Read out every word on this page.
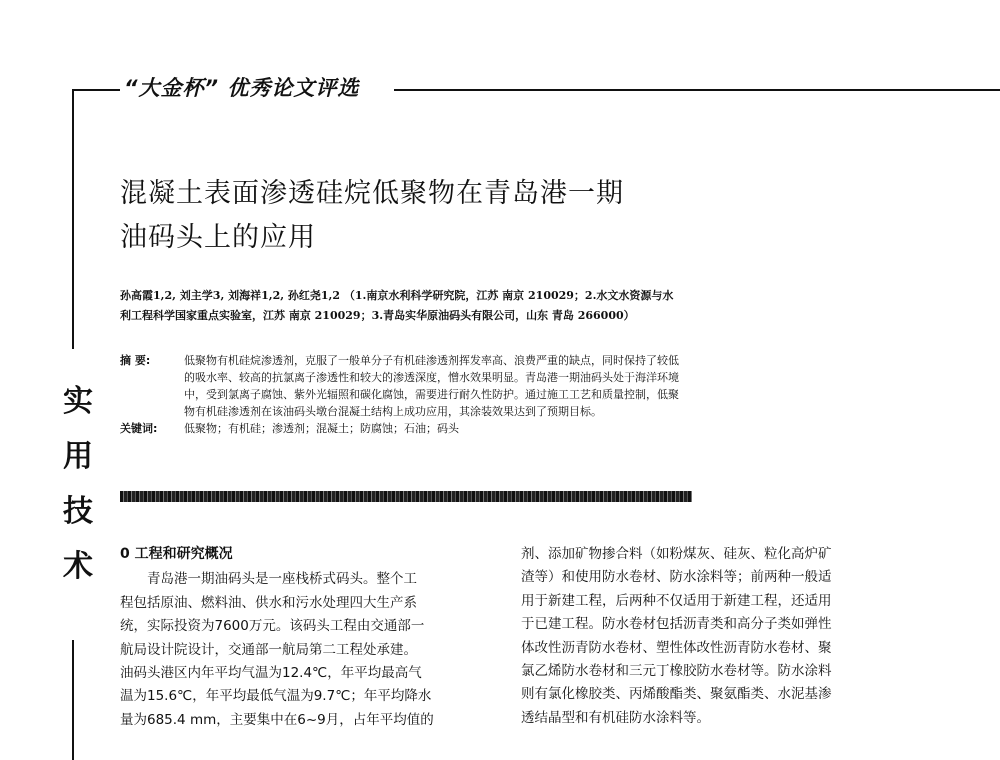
“大金杯” 优秀论文评选
实
用
技
术
混凝土表面渗透硅烷低聚物在青岛港一期
油码头上的应用
孙高霞1,2, 刘主学3, 刘海祥1,2, 孙红尧1,2 （1.南京水利科学研究院，江苏 南京 210029；2.水文水资源与水
利工程科学国家重点实验室，江苏 南京 210029；3.青岛实华原油码头有限公司，山东 青岛 266000）
摘 要:	低聚物有机硅烷渗透剂，克服了一般单分子有机硅渗透剂挥发率高、浪费严重的缺点，同时保持了较低
的吸水率、较高的抗氯离子渗透性和较大的渗透深度，憎水效果明显。青岛港一期油码头处于海洋环境
中，受到氯离子腐蚀、紫外光辐照和碳化腐蚀，需要进行耐久性防护。通过施工工艺和质量控制，低聚
物有机硅渗透剂在该油码头墩台混凝土结构上成功应用，其涂装效果达到了预期目标。
关键词: 低聚物；有机硅；渗透剂；混凝土；防腐蚀；石油；码头
0 工程和研究概况
　　青岛港一期油码头是一座栈桥式码头。整个工
程包括原油、燃料油、供水和污水处理四大生产系
统，实际投资为7600万元。该码头工程由交通部一
航局设计院设计，交通部一航局第二工程处承建。
油码头港区内年平均气温为12.4℃，年平均最高气
温为15.6℃，年平均最低气温为9.7℃；年平均降水
量为685.4 mm，主要集中在6~9月，占年平均值的
剂、添加矿物掺合料（如粉煤灰、硅灰、粒化高炉矿
渣等）和使用防水卷材、防水涂料等；前两种一般适
用于新建工程，后两种不仅适用于新建工程，还适用
于已建工程。防水卷材包括沥青类和高分子类如弹性
体改性沥青防水卷材、塑性体改性沥青防水卷材、聚
氯乙烯防水卷材和三元丁橡胶防水卷材等。防水涂料
则有氯化橡胶类、丙烯酸酯类、聚氨酯类、水泥基渗
透结晶型和有机硅防水涂料等。
